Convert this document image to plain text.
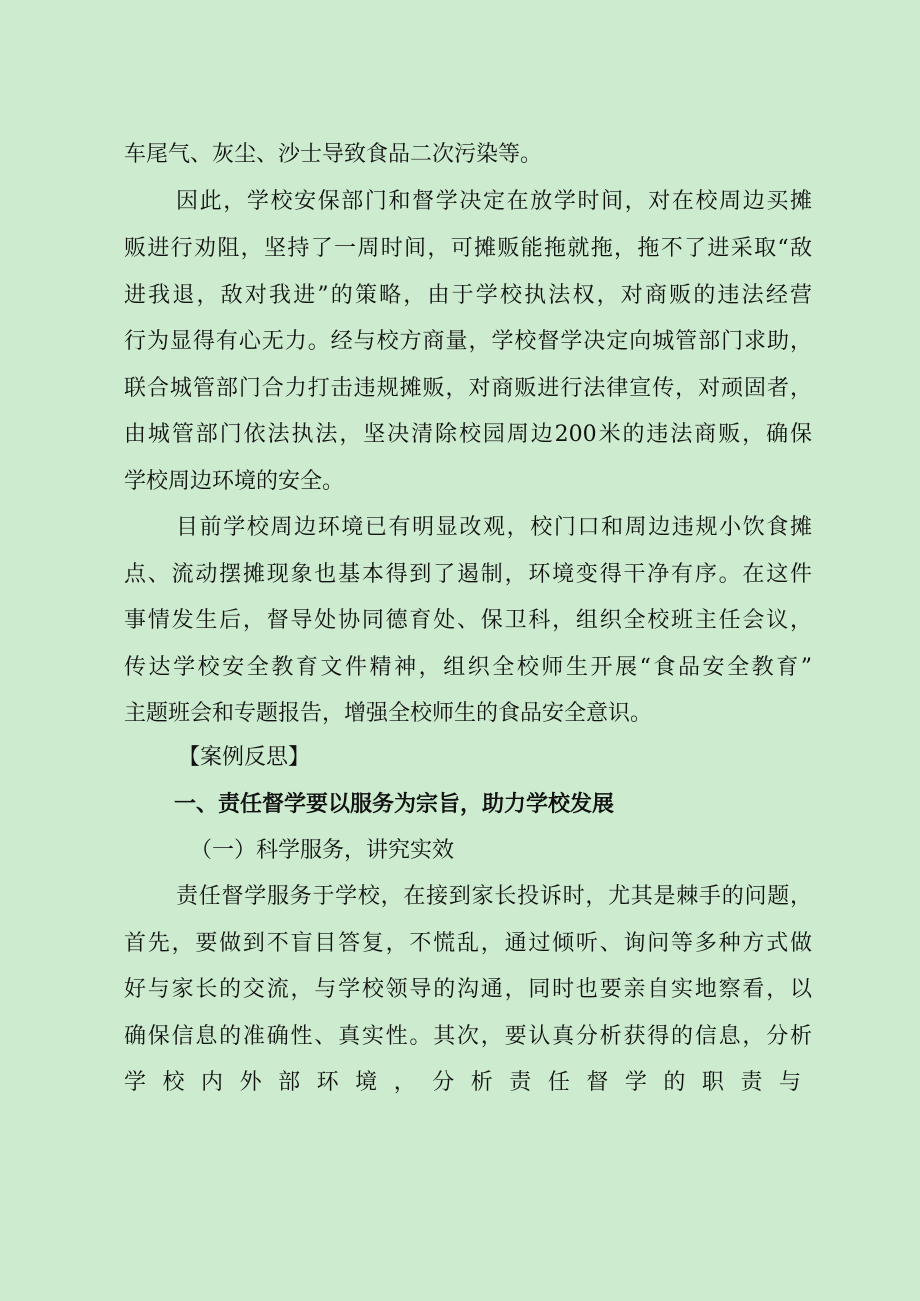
车尾气、灰尘、沙士导致食品二次污染等。
因此，学校安保部门和督学决定在放学时间，对在校周边买摊
贩进行劝阻，坚持了一周时间，可摊贩能拖就拖，拖不了进采取“敌
进我退，敌对我进”的策略，由于学校执法权，对商贩的违法经营
行为显得有心无力。经与校方商量，学校督学决定向城管部门求助，
联合城管部门合力打击违规摊贩，对商贩进行法律宣传，对顽固者，
由城管部门依法执法，坚决清除校园周边200米的违法商贩，确保
学校周边环境的安全。
目前学校周边环境已有明显改观，校门口和周边违规小饮食摊
点、流动摆摊现象也基本得到了遏制，环境变得干净有序。在这件
事情发生后，督导处协同德育处、保卫科，组织全校班主任会议，
传达学校安全教育文件精神，组织全校师生开展“食品安全教育”
主题班会和专题报告，增强全校师生的食品安全意识。
【案例反思】
一、责任督学要以服务为宗旨，助力学校发展
（一）科学服务，讲究实效
责任督学服务于学校，在接到家长投诉时，尤其是棘手的问题，
首先，要做到不盲目答复，不慌乱，通过倾听、询问等多种方式做
好与家长的交流，与学校领导的沟通，同时也要亲自实地察看，以
确保信息的准确性、真实性。其次，要认真分析获得的信息，分析
学校内外部环境，分析责任督学的职责与
